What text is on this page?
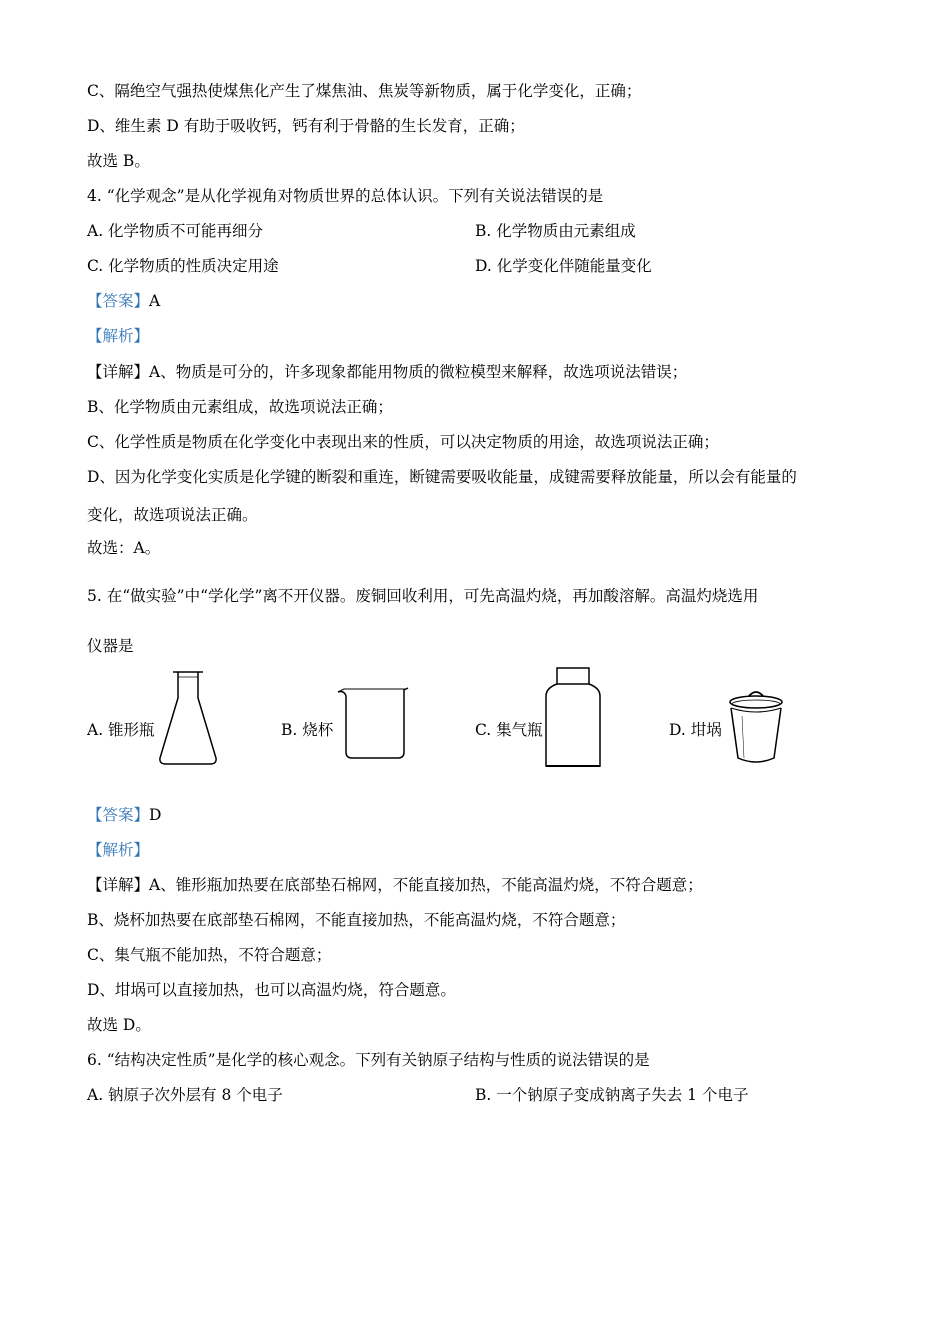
C、隔绝空气强热使煤焦化产生了煤焦油、焦炭等新物质，属于化学变化，正确；
D、维生素 D 有助于吸收钙，钙有利于骨骼的生长发育，正确；
故选 B。
4. “化学观念”是从化学视角对物质世界的总体认识。下列有关说法错误的是
A. 化学物质不可能再细分	B. 化学物质由元素组成
C. 化学物质的性质决定用途	D. 化学变化伴随能量变化
【答案】A
【解析】
【详解】A、物质是可分的，许多现象都能用物质的微粒模型来解释，故选项说法错误；
B、化学物质由元素组成，故选项说法正确；
C、化学性质是物质在化学变化中表现出来的性质，可以决定物质的用途，故选项说法正确；
D、因为化学变化实质是化学键的断裂和重连，断键需要吸收能量，成键需要释放能量，所以会有能量的
变化，故选项说法正确。
故选：A。
5. 在“做实验”中“学化学”离不开仪器。废铜回收利用，可先高温灼烧，再加酸溶解。高温灼烧选用
仪器是
A. 锥形瓶	B. 烧杯	C. 集气瓶	D. 坩埚
【答案】D
【解析】
【详解】A、锥形瓶加热要在底部垫石棉网，不能直接加热，不能高温灼烧，不符合题意；
B、烧杯加热要在底部垫石棉网，不能直接加热，不能高温灼烧，不符合题意；
C、集气瓶不能加热，不符合题意；
D、坩埚可以直接加热，也可以高温灼烧，符合题意。
故选 D。
6. “结构决定性质”是化学的核心观念。下列有关钠原子结构与性质的说法错误的是
A. 钠原子次外层有 8 个电子	B. 一个钠原子变成钠离子失去 1 个电子
